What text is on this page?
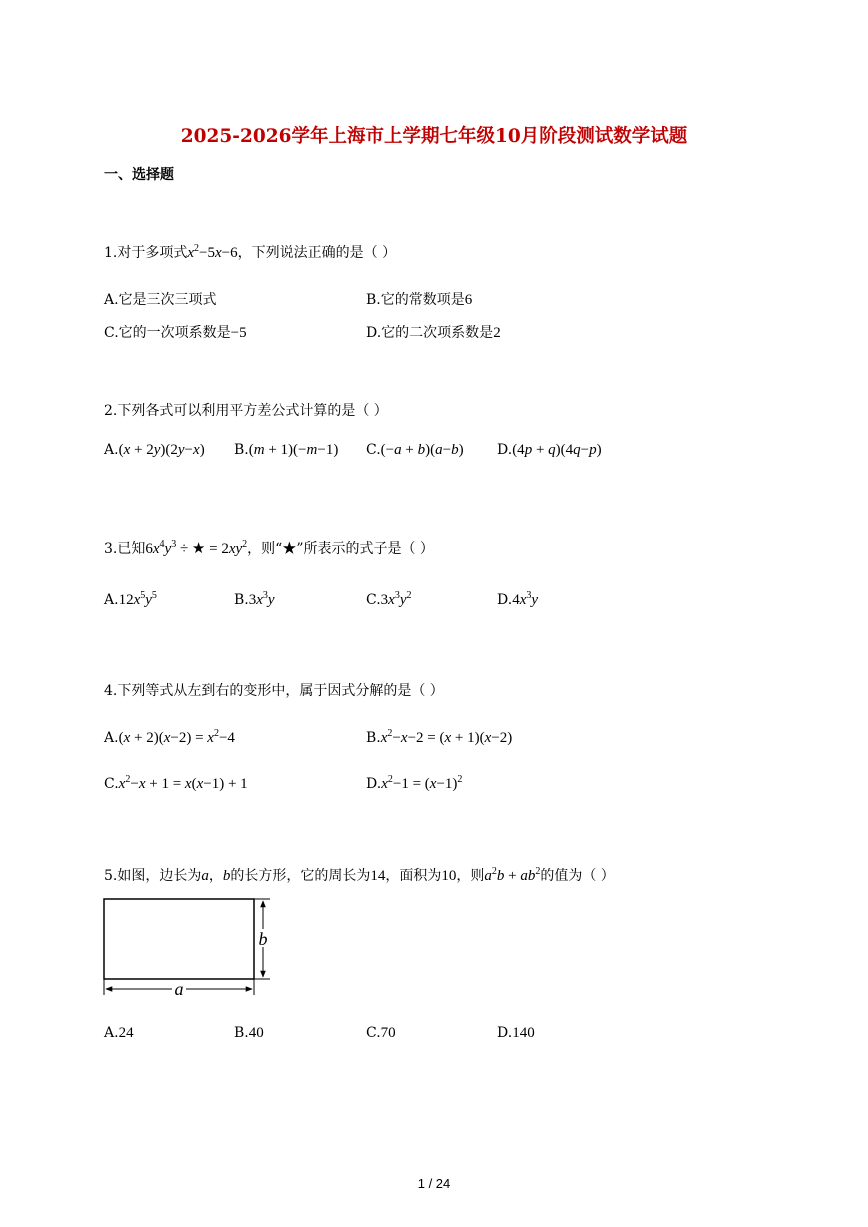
2025-2026学年上海市上学期七年级10月阶段测试数学试题
一、选择题
1.对于多项式$x^2-5x-6$，下列说法正确的是（ ）
A.它是三次三项式	B.它的常数项是6
C.它的一次项系数是−5	D.它的二次项系数是2
2.下列各式可以利用平方差公式计算的是（ ）
A.(x + 2y)(2y−x) B.(m + 1)(−m−1) C.(−a + b)(a−b) D.(4p + q)(4q−p)
3.已知$6x^4y^3$ ÷ ★ = $2xy^2$，则“★”所表示的式子是（ ）
$A.12x^5y^5$	$B.3x^3y$	$C.3x^3y^2$	$D.4x^3y$
4.下列等式从左到右的变形中，属于因式分解的是（ ）
$A.(x + 2)(x-2) = x^2-4$	$B.x^2-x-2 = (x + 1)(x-2)$
$C.x^2-x + 1 = x(x-1) + 1$	$D.x^2-1 = (x-1)^2$
5.如图，边长为a，b的长方形，它的周长为14，面积为10，则$a^2b + ab^2$的值为（ ）
a
b
A.24	B.40	C.70	D.140
1 / 24
